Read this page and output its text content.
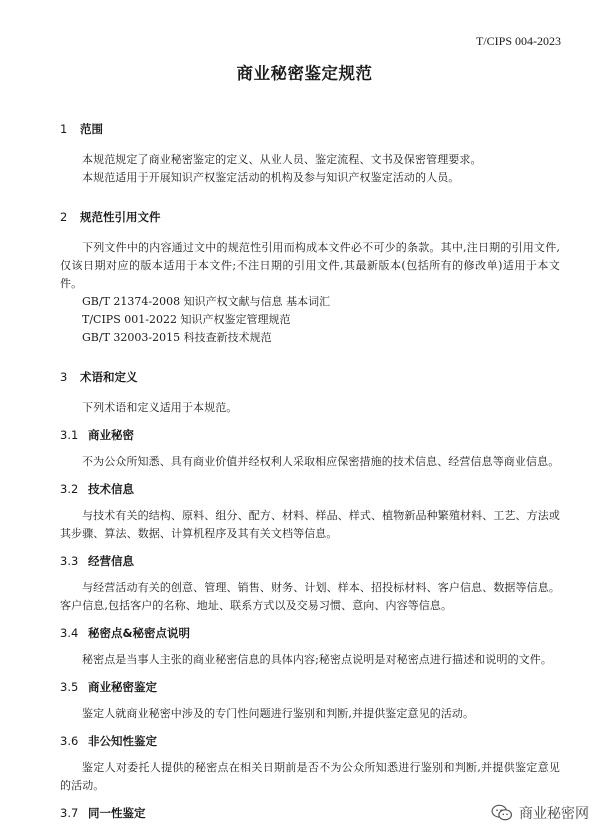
T/CIPS 004-2023
商业秘密鉴定规范
1 范围
本规范规定了商业秘密鉴定的定义、从业人员、鉴定流程、文书及保密管理要求。
本规范适用于开展知识产权鉴定活动的机构及参与知识产权鉴定活动的人员。
2 规范性引用文件
下列文件中的内容通过文中的规范性引用而构成本文件必不可少的条款。其中,注日期的引用文件,仅该日期对应的版本适用于本文件;不注日期的引用文件,其最新版本(包括所有的修改单)适用于本文件。
GB/T 21374-2008 知识产权文献与信息 基本词汇
T/CIPS 001-2022 知识产权鉴定管理规范
GB/T 32003-2015 科技查新技术规范
3 术语和定义
下列术语和定义适用于本规范。
3.1 商业秘密
不为公众所知悉、具有商业价值并经权利人采取相应保密措施的技术信息、经营信息等商业信息。
3.2 技术信息
与技术有关的结构、原料、组分、配方、材料、样品、样式、植物新品种繁殖材料、工艺、方法或其步骤、算法、数据、计算机程序及其有关文档等信息。
3.3 经营信息
与经营活动有关的创意、管理、销售、财务、计划、样本、招投标材料、客户信息、数据等信息。客户信息,包括客户的名称、地址、联系方式以及交易习惯、意向、内容等信息。
3.4 秘密点&秘密点说明
秘密点是当事人主张的商业秘密信息的具体内容;秘密点说明是对秘密点进行描述和说明的文件。
3.5 商业秘密鉴定
鉴定人就商业秘密中涉及的专门性问题进行鉴别和判断,并提供鉴定意见的活动。
3.6 非公知性鉴定
鉴定人对委托人提供的秘密点在相关日期前是否不为公众所知悉进行鉴别和判断,并提供鉴定意见的活动。
3.7 同一性鉴定	商业秘密网
